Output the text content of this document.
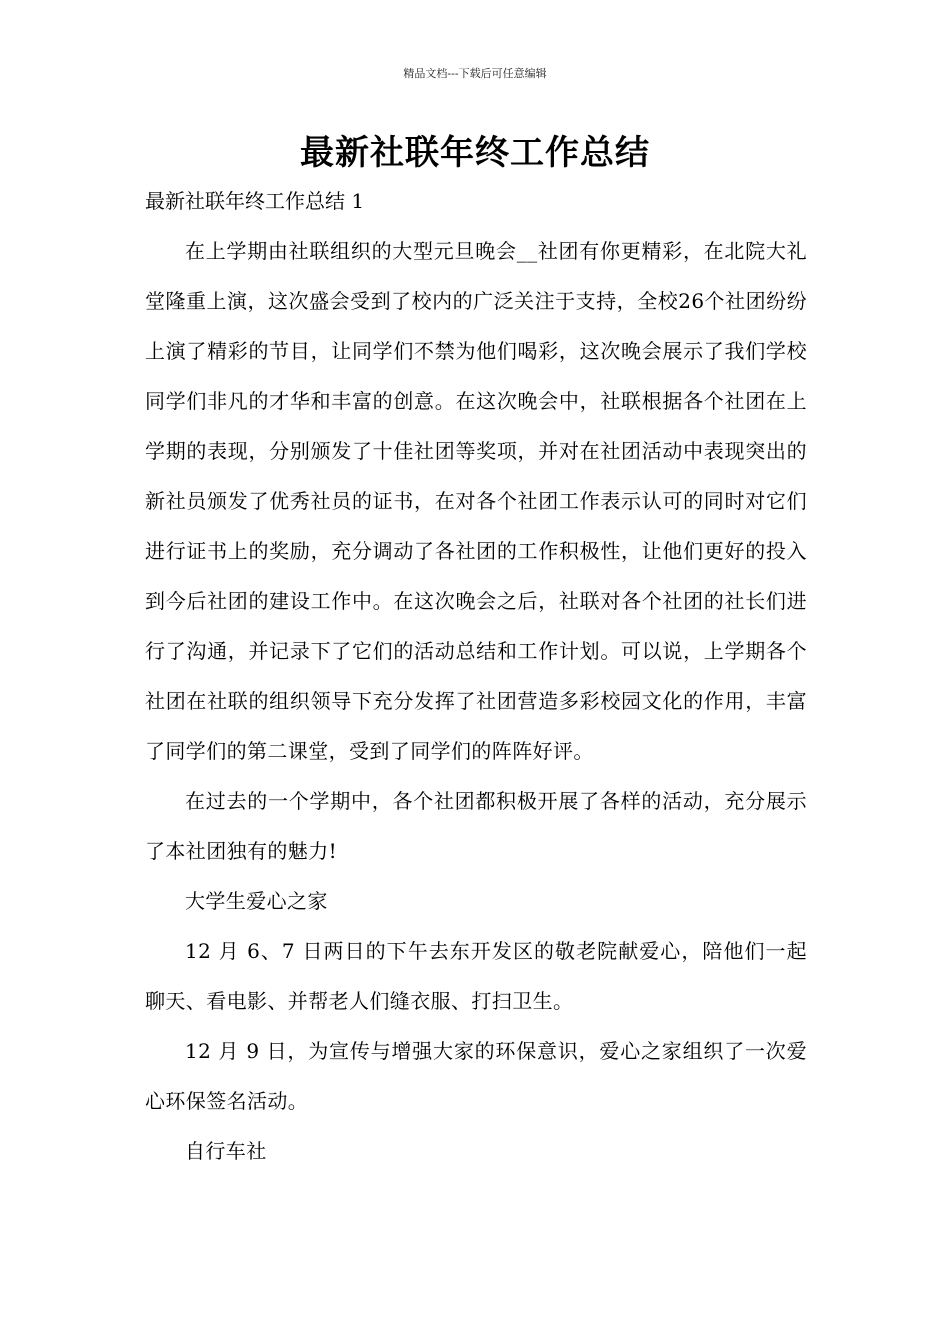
精品文档---下载后可任意编辑
最新社联年终工作总结
最新社联年终工作总结 1

在上学期由社联组织的大型元旦晚会__社团有你更精彩，在北院大礼堂隆重上演，这次盛会受到了校内的广泛关注于支持，全校26个社团纷纷上演了精彩的节目，让同学们不禁为他们喝彩，这次晚会展示了我们学校同学们非凡的才华和丰富的创意。在这次晚会中，社联根据各个社团在上学期的表现，分别颁发了十佳社团等奖项，并对在社团活动中表现突出的新社员颁发了优秀社员的证书，在对各个社团工作表示认可的同时对它们进行证书上的奖励，充分调动了各社团的工作积极性，让他们更好的投入到今后社团的建设工作中。在这次晚会之后，社联对各个社团的社长们进行了沟通，并记录下了它们的活动总结和工作计划。可以说，上学期各个社团在社联的组织领导下充分发挥了社团营造多彩校园文化的作用，丰富了同学们的第二课堂，受到了同学们的阵阵好评。

在过去的一个学期中，各个社团都积极开展了各样的活动，充分展示了本社团独有的魅力!

大学生爱心之家

12 月 6、7 日两日的下午去东开发区的敬老院献爱心，陪他们一起聊天、看电影、并帮老人们缝衣服、打扫卫生。

12 月 9 日，为宣传与增强大家的环保意识，爱心之家组织了一次爱心环保签名活动。

自行车社
